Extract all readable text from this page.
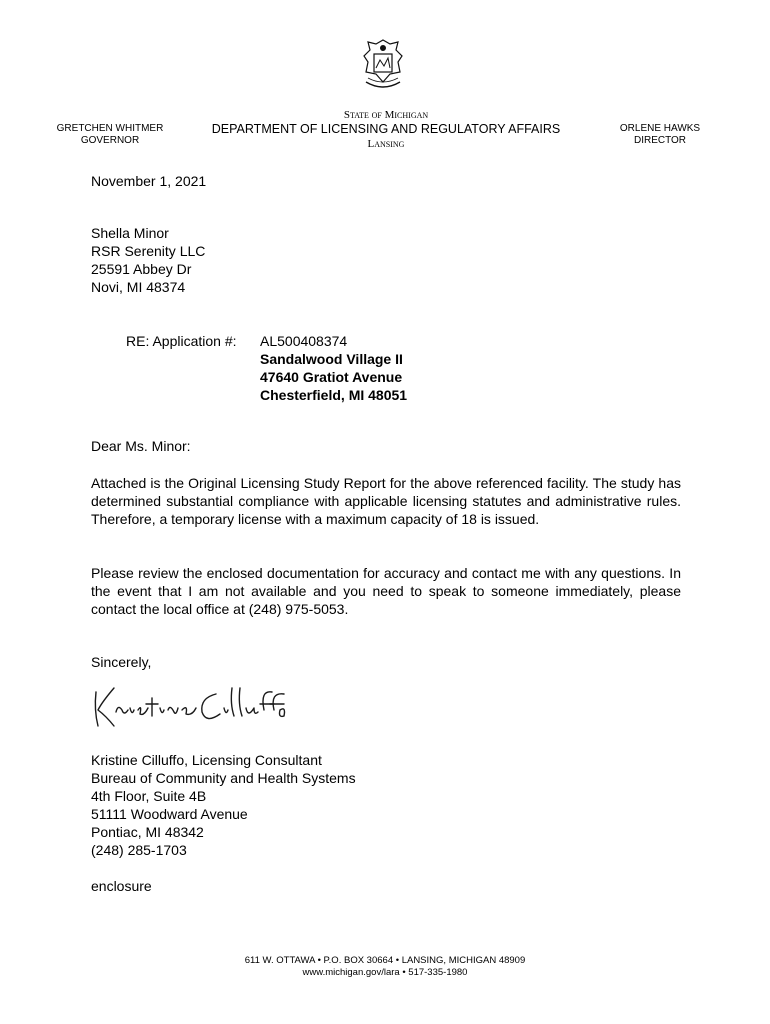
GRETCHEN WHITMER
GOVERNOR
State of Michigan
DEPARTMENT OF LICENSING AND REGULATORY AFFAIRS
Lansing
ORLENE HAWKS
DIRECTOR
November 1, 2021
Shella Minor
RSR Serenity LLC
25591 Abbey Dr
Novi, MI 48374
RE: Application #: AL500408374
Sandalwood Village II
47640 Gratiot Avenue
Chesterfield, MI 48051
Dear Ms. Minor:
Attached is the Original Licensing Study Report for the above referenced facility. The study has determined substantial compliance with applicable licensing statutes and administrative rules. Therefore, a temporary license with a maximum capacity of 18 is issued.
Please review the enclosed documentation for accuracy and contact me with any questions. In the event that I am not available and you need to speak to someone immediately, please contact the local office at (248) 975-5053.
Sincerely,
Kristine Cilluffo, Licensing Consultant
Bureau of Community and Health Systems
4th Floor, Suite 4B
51111 Woodward Avenue
Pontiac, MI 48342
(248) 285-1703
enclosure
611 W. OTTAWA • P.O. BOX 30664 • LANSING, MICHIGAN 48909
www.michigan.gov/lara • 517-335-1980
